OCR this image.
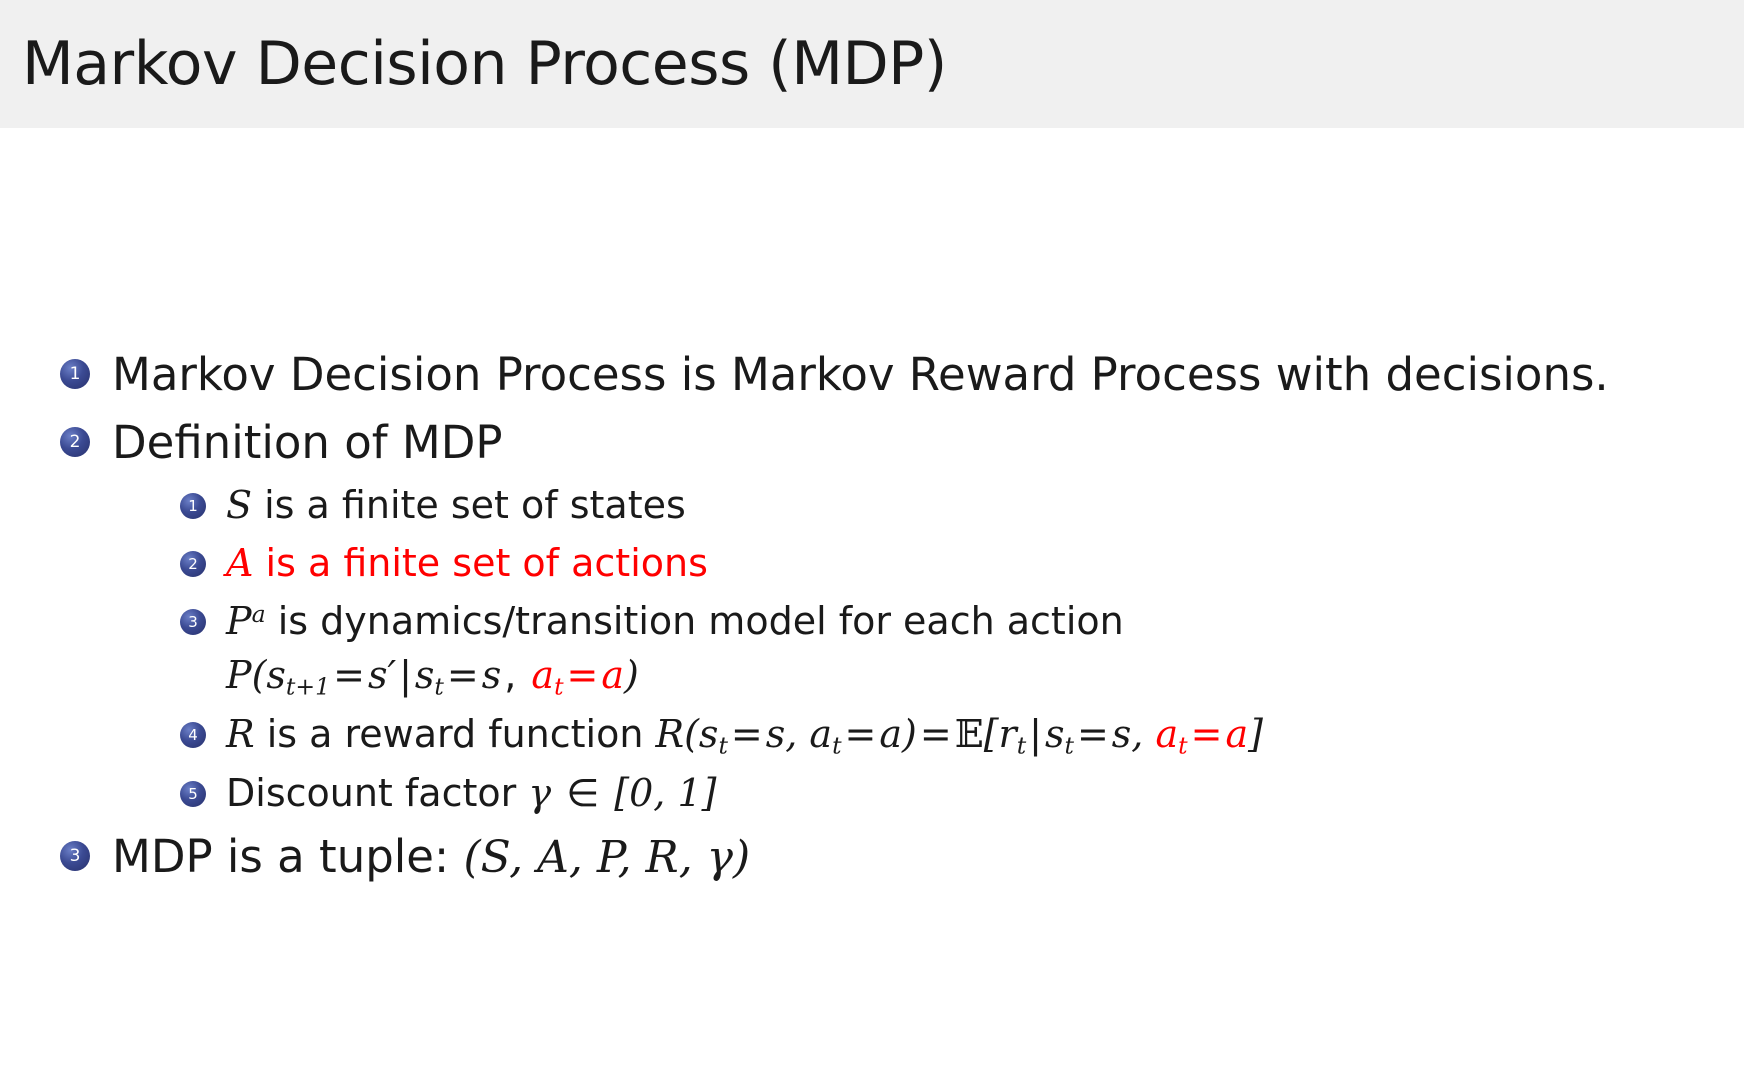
Markov Decision Process (MDP)
1 Markov Decision Process is Markov Reward Process with decisions.
2 Definition of MDP
1 S is a finite set of states
2 A is a finite set of actions
3 $P^a$ is dynamics/transition model for each action
$P(s_{t+1}=s'|s_t=s$, $a_t=a$)
4 R is a reward function $R(s_t=s$, $a_t=a)=𝔼[r_t|s_t=s$, $a_t=a$]
5 Discount factor γ ∈ [0, 1]
3 MDP is a tuple: (S, A, P, R, γ)
